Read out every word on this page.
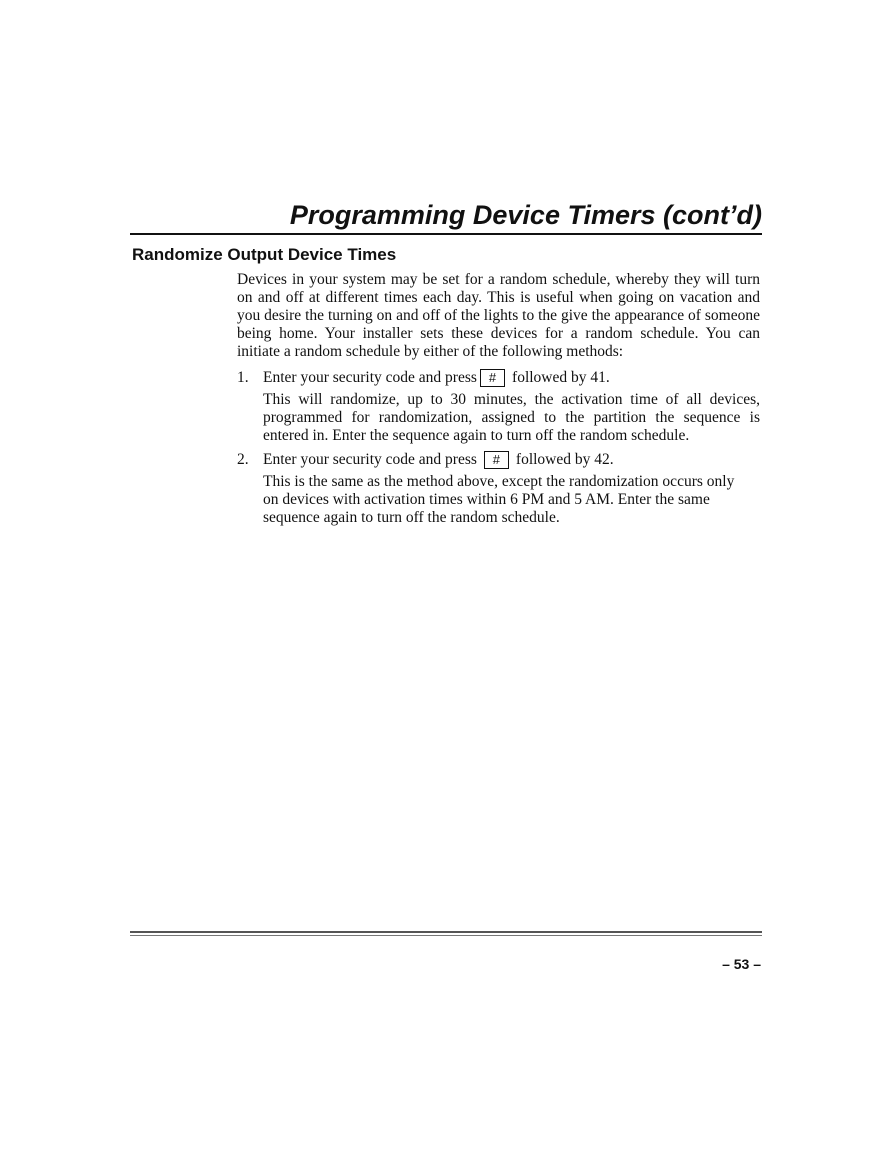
Programming Device Timers (cont’d)
Randomize Output Device Times

Devices in your system may be set for a random schedule, whereby they will turn on and off at different times each day. This is useful when going on vacation and you desire the turning on and off of the lights to the give the appearance of someone being home. Your installer sets these devices for a random schedule. You can initiate a random schedule by either of the following methods:

1. Enter your security code and press # followed by 41.

This will randomize, up to 30 minutes, the activation time of all devices, programmed for randomization, assigned to the partition the sequence is entered in. Enter the sequence again to turn off the random schedule.

2. Enter your security code and press # followed by 42.

This is the same as the method above, except the randomization occurs only on devices with activation times within 6 PM and 5 AM. Enter the same sequence again to turn off the random schedule.

– 53 –
